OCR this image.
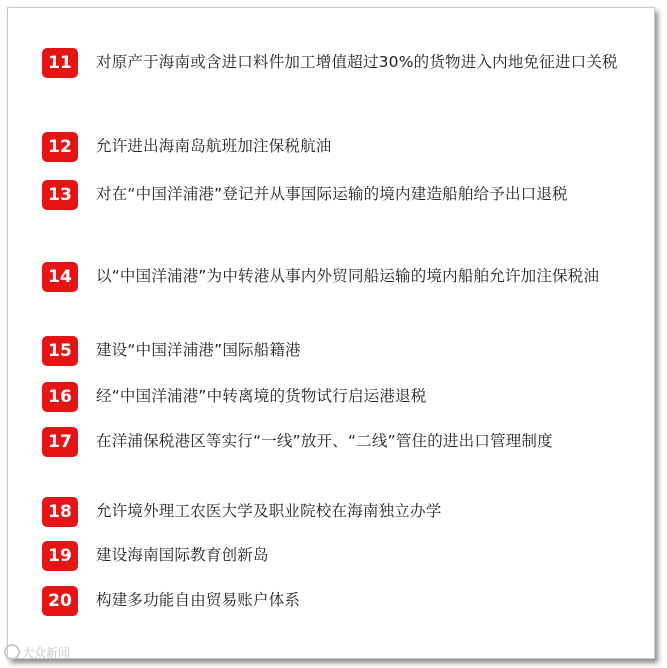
11	对原产于海南或含进口料件加工增值超过30%的货物进入内地免征进口关税
12	允许进出海南岛航班加注保税航油
13	对在“中国洋浦港”登记并从事国际运输的境内建造船舶给予出口退税
14	以“中国洋浦港”为中转港从事内外贸同船运输的境内船舶允许加注保税油
15	建设“中国洋浦港”国际船籍港
16	经“中国洋浦港”中转离境的货物试行启运港退税
17	在洋浦保税港区等实行“一线”放开、“二线”管住的进出口管理制度
18	允许境外理工农医大学及职业院校在海南独立办学
19	建设海南国际教育创新岛
20	构建多功能自由贸易账户体系
大众新闻
